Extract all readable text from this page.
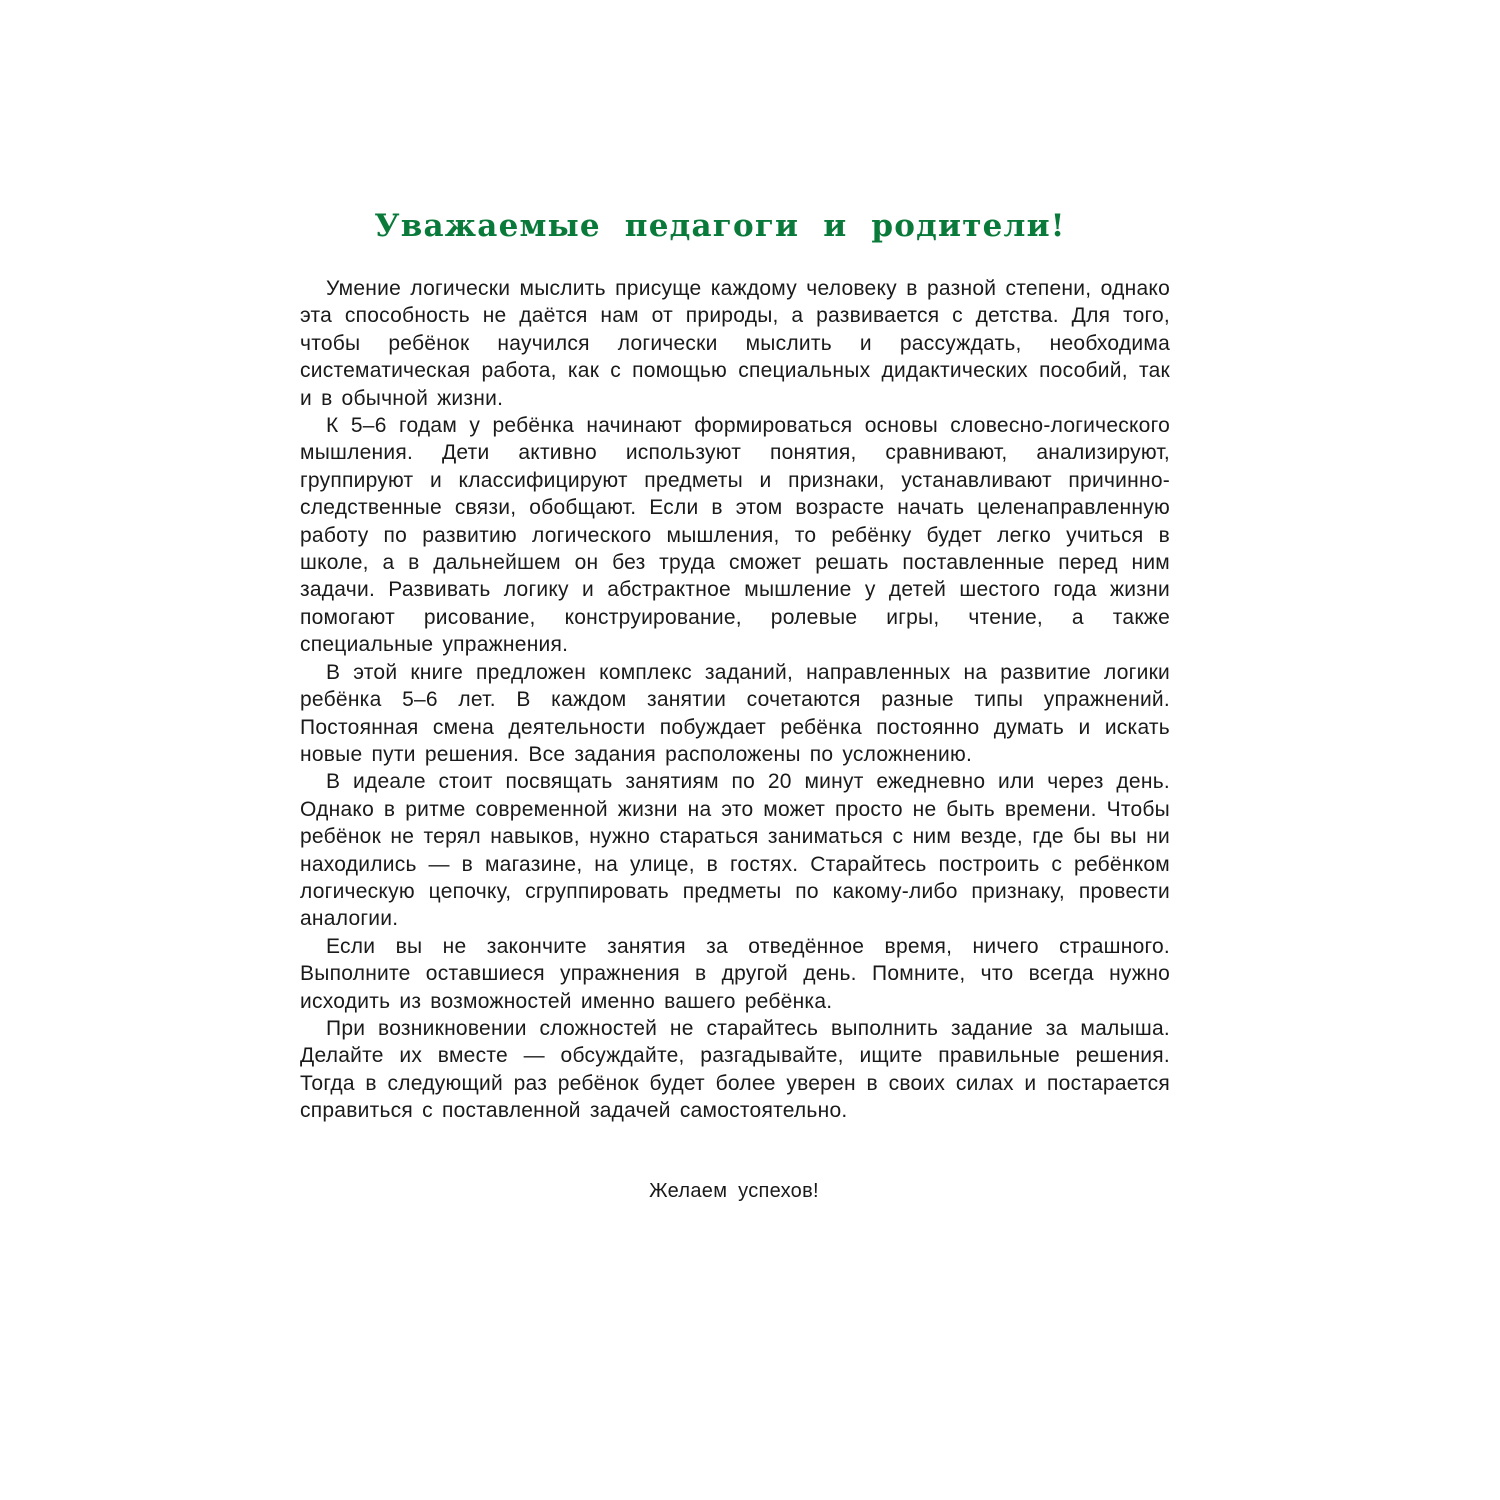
Уважаемые педагоги и родители!

Умение логически мыслить присуще каждому человеку в разной степени, однако эта способность не даётся нам от природы, а развивается с детства. Для того, чтобы ребёнок научился логически мыслить и рассуждать, необходима систематическая работа, как с помощью специальных дидактических пособий, так и в обычной жизни.

К 5–6 годам у ребёнка начинают формироваться основы словесно-логического мышления. Дети активно используют понятия, сравнивают, анализируют, группируют и классифицируют предметы и признаки, устанавливают причинно-следственные связи, обобщают. Если в этом возрасте начать целенаправленную работу по развитию логического мышления, то ребёнку будет легко учиться в школе, а в дальнейшем он без труда сможет решать поставленные перед ним задачи. Развивать логику и абстрактное мышление у детей шестого года жизни помогают рисование, конструирование, ролевые игры, чтение, а также специальные упражнения.

В этой книге предложен комплекс заданий, направленных на развитие логики ребёнка 5–6 лет. В каждом занятии сочетаются разные типы упражнений. Постоянная смена деятельности побуждает ребёнка постоянно думать и искать новые пути решения. Все задания расположены по усложнению.

В идеале стоит посвящать занятиям по 20 минут ежедневно или через день. Однако в ритме современной жизни на это может просто не быть времени. Чтобы ребёнок не терял навыков, нужно стараться заниматься с ним везде, где бы вы ни находились — в магазине, на улице, в гостях. Старайтесь построить с ребёнком логическую цепочку, сгруппировать предметы по какому-либо признаку, провести аналогии.

Если вы не закончите занятия за отведённое время, ничего страшного. Выполните оставшиеся упражнения в другой день. Помните, что всегда нужно исходить из возможностей именно вашего ребёнка.

При возникновении сложностей не старайтесь выполнить задание за малыша. Делайте их вместе — обсуждайте, разгадывайте, ищите правильные решения. Тогда в следующий раз ребёнок будет более уверен в своих силах и постарается справиться с поставленной задачей самостоятельно.

Желаем успехов!
